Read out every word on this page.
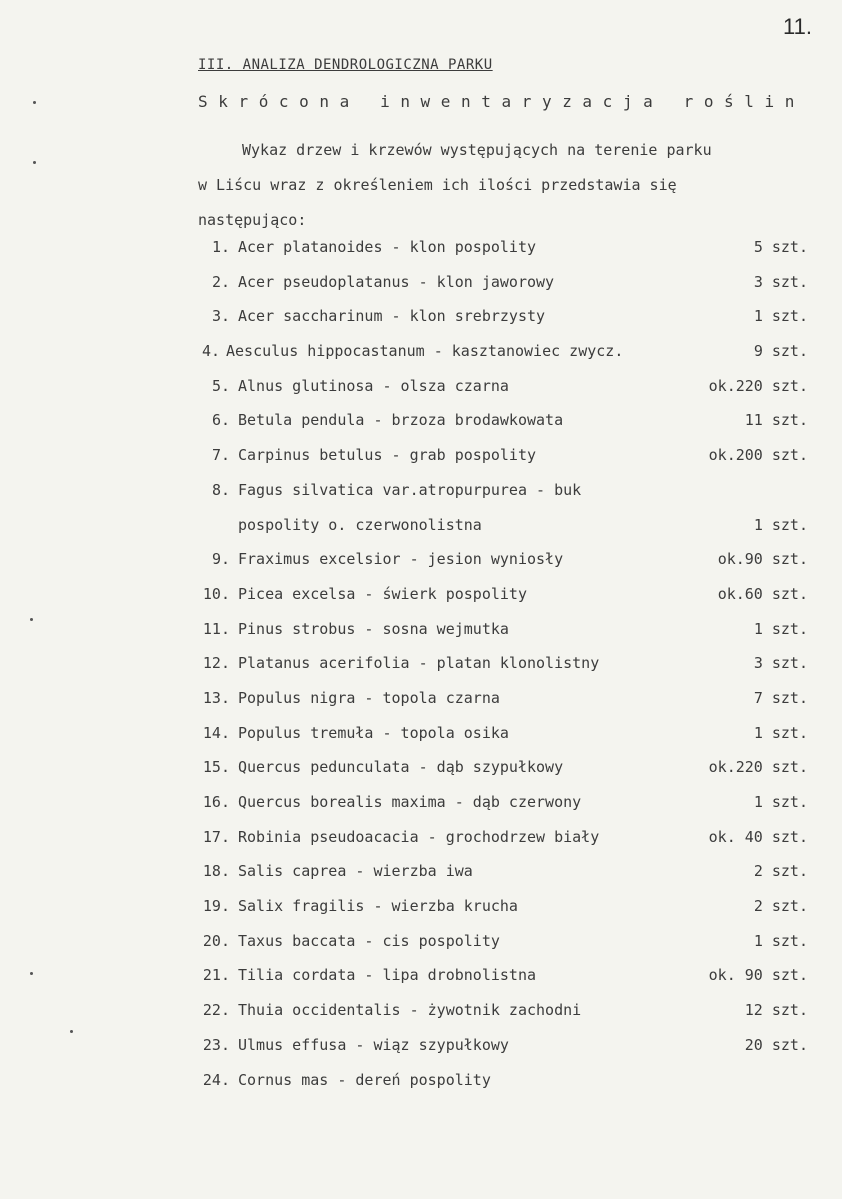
11.
III. ANALIZA DENDROLOGICZNA PARKU
Skrócona inwentaryzacja roślin
Wykaz drzew i krzewów występujących na terenie parku
w Liścu wraz z określeniem ich ilości przedstawia się
następująco:
1. Acer platanoides - klon pospolity	5 szt.
2. Acer pseudoplatanus - klon jaworowy	3 szt.
3. Acer saccharinum - klon srebrzysty	1 szt.
4. Aesculus hippocastanum - kasztanowiec zwycz.	9 szt.
5. Alnus glutinosa - olsza czarna	ok.220 szt.
6. Betula pendula - brzoza brodawkowata	11 szt.
7. Carpinus betulus - grab pospolity	ok.200 szt.
8. Fagus silvatica var.atropurpurea - buk
pospolity o. czerwonolistna	1 szt.
9. Fraximus excelsior - jesion wyniosły	ok.90 szt.
10. Picea excelsa - świerk pospolity	ok.60 szt.
11. Pinus strobus - sosna wejmutka	1 szt.
12. Platanus acerifolia - platan klonolistny	3 szt.
13. Populus nigra - topola czarna	7 szt.
14. Populus tremuła - topola osika	1 szt.
15. Quercus pedunculata - dąb szypułkowy	ok.220 szt.
16. Quercus borealis maxima - dąb czerwony	1 szt.
17. Robinia pseudoacacia - grochodrzew biały	ok. 40 szt.
18. Salis caprea - wierzba iwa	2 szt.
19. Salix fragilis - wierzba krucha	2 szt.
20. Taxus baccata - cis pospolity	1 szt.
21. Tilia cordata - lipa drobnolistna	ok. 90 szt.
22. Thuia occidentalis - żywotnik zachodni	12 szt.
23. Ulmus effusa - wiąz szypułkowy	20 szt.
24. Cornus mas - dereń pospolity
